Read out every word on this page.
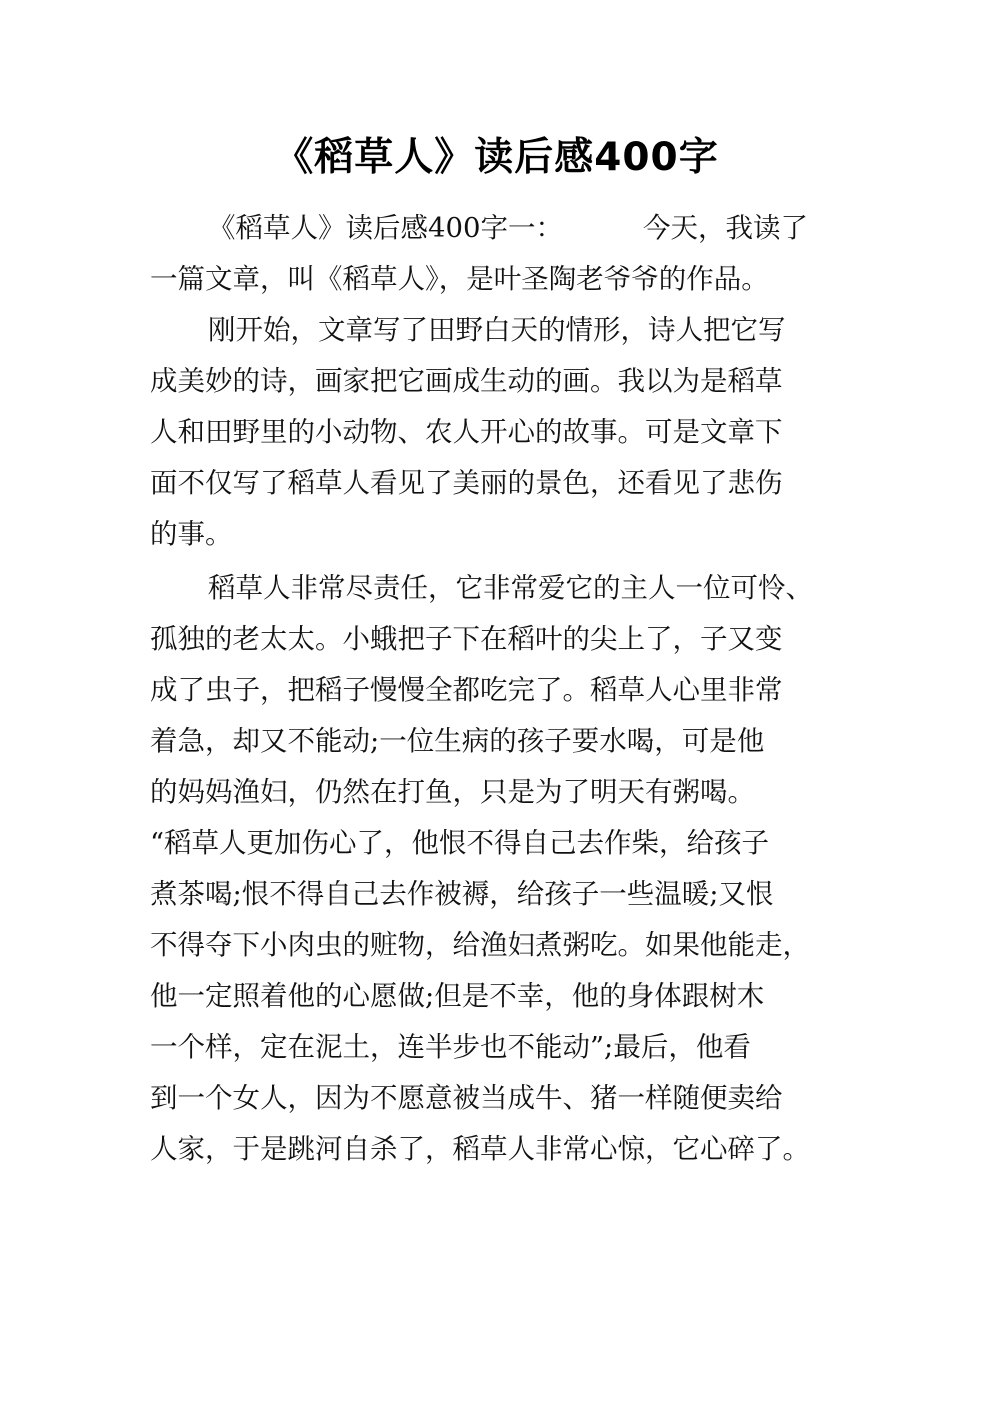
《稻草人》读后感400字
《稻草人》读后感400字一：	今天，我读了
一篇文章，叫《稻草人》，是叶圣陶老爷爷的作品。
刚开始，文章写了田野白天的情形，诗人把它写
成美妙的诗，画家把它画成生动的画。我以为是稻草
人和田野里的小动物、农人开心的故事。可是文章下
面不仅写了稻草人看见了美丽的景色，还看见了悲伤
的事。
稻草人非常尽责任，它非常爱它的主人一位可怜、
孤独的老太太。小蛾把子下在稻叶的尖上了，子又变
成了虫子，把稻子慢慢全都吃完了。稻草人心里非常
着急，却又不能动;一位生病的孩子要水喝，可是他
的妈妈渔妇，仍然在打鱼，只是为了明天有粥喝。
“稻草人更加伤心了，他恨不得自己去作柴，给孩子
煮茶喝;恨不得自己去作被褥，给孩子一些温暖;又恨
不得夺下小肉虫的赃物，给渔妇煮粥吃。如果他能走，
他一定照着他的心愿做;但是不幸，他的身体跟树木
一个样，定在泥土，连半步也不能动”;最后，他看
到一个女人，因为不愿意被当成牛、猪一样随便卖给
人家，于是跳河自杀了，稻草人非常心惊，它心碎了。
